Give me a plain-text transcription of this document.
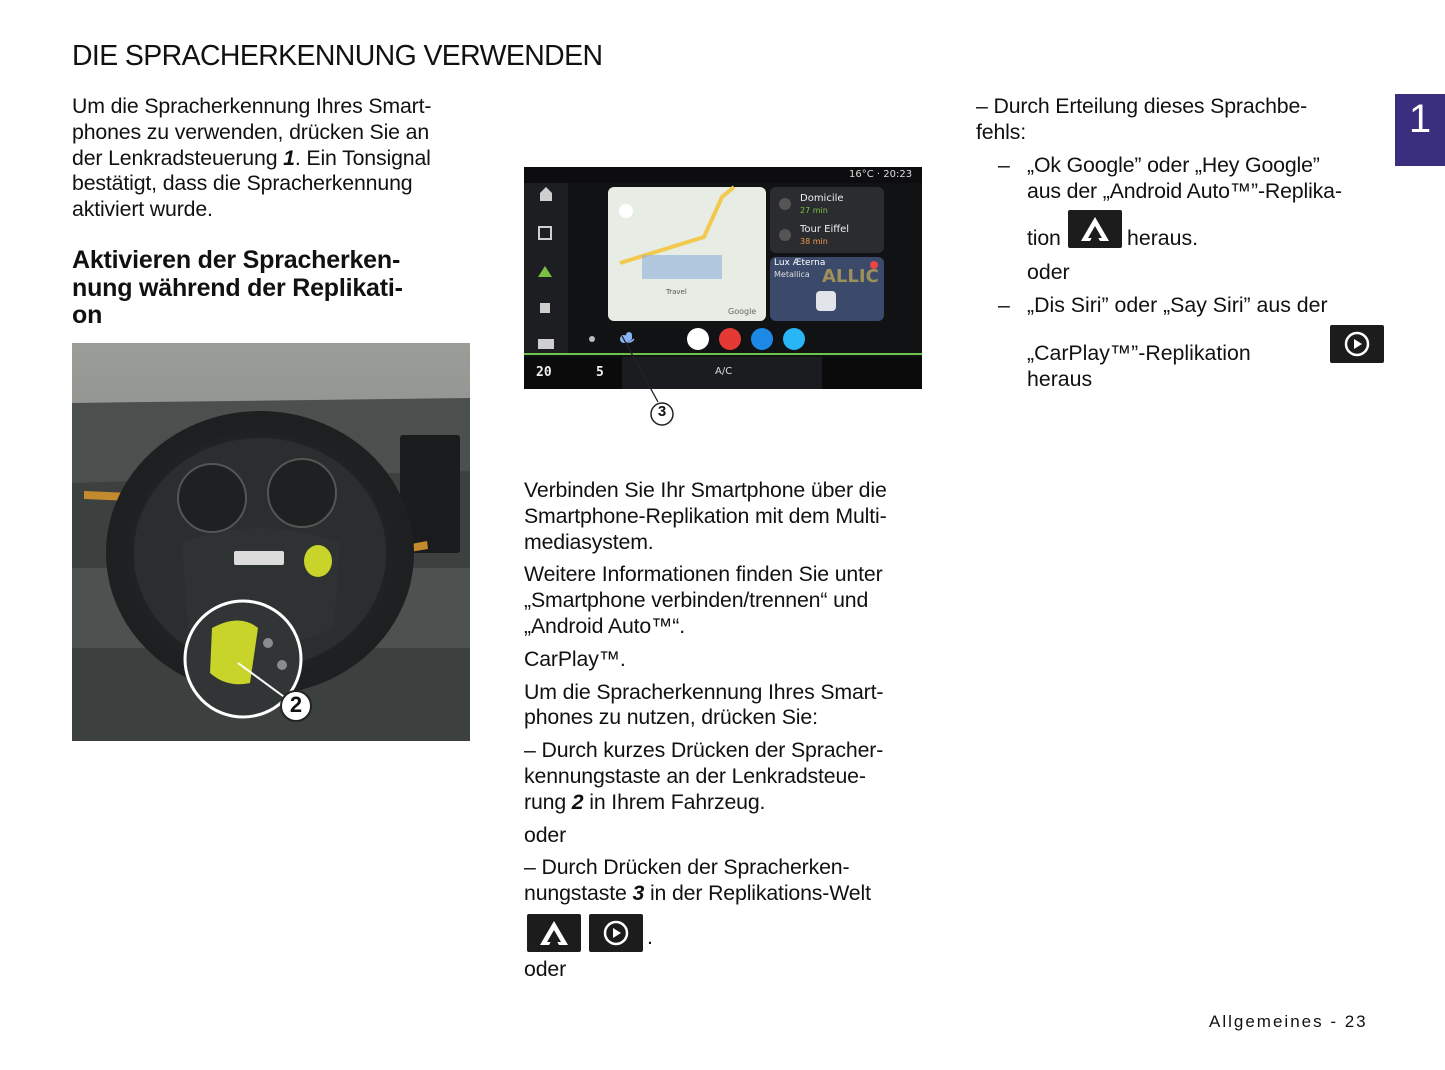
DIE SPRACHERKENNUNG VERWENDEN
1

Um die Spracherkennung Ihres Smart-

phones zu verwenden, drücken Sie an

der Lenkradsteuerung 1. Ein Tonsignal

bestätigt, dass die Spracherkennung

aktiviert wurde.

Aktivieren der Spracherken-
nung während der Replikati-
on
2
16°C · 20:23
Domicile
27 min
Tour Eiffel
38 min
Lux Æterna
Metallica ALLIC
Travel
Google
20	5	A/C
3

Verbinden Sie Ihr Smartphone über die

Smartphone-Replikation mit dem Multi-

mediasystem.

Weitere Informationen finden Sie unter

„Smartphone verbinden/trennen“ und

„Android Auto™“.

CarPlay™.

Um die Spracherkennung Ihres Smart-

phones zu nutzen, drücken Sie:

– Durch kurzes Drücken der Spracher-

kennungstaste an der Lenkradsteue-

rung 2 in Ihrem Fahrzeug.

oder

– Durch Drücken der Spracherken-

nungstaste 3 in der Replikations-Welt

.

oder

– Durch Erteilung dieses Sprachbe-

fehls:

– „Ok Google” oder „Hey Google”

aus der „Android Auto™”-Replika-

tion
	heraus.
oder
– „Dis Siri” oder „Say Siri” aus der
„CarPlay™”-Replikation
heraus
Allgemeines - 23
